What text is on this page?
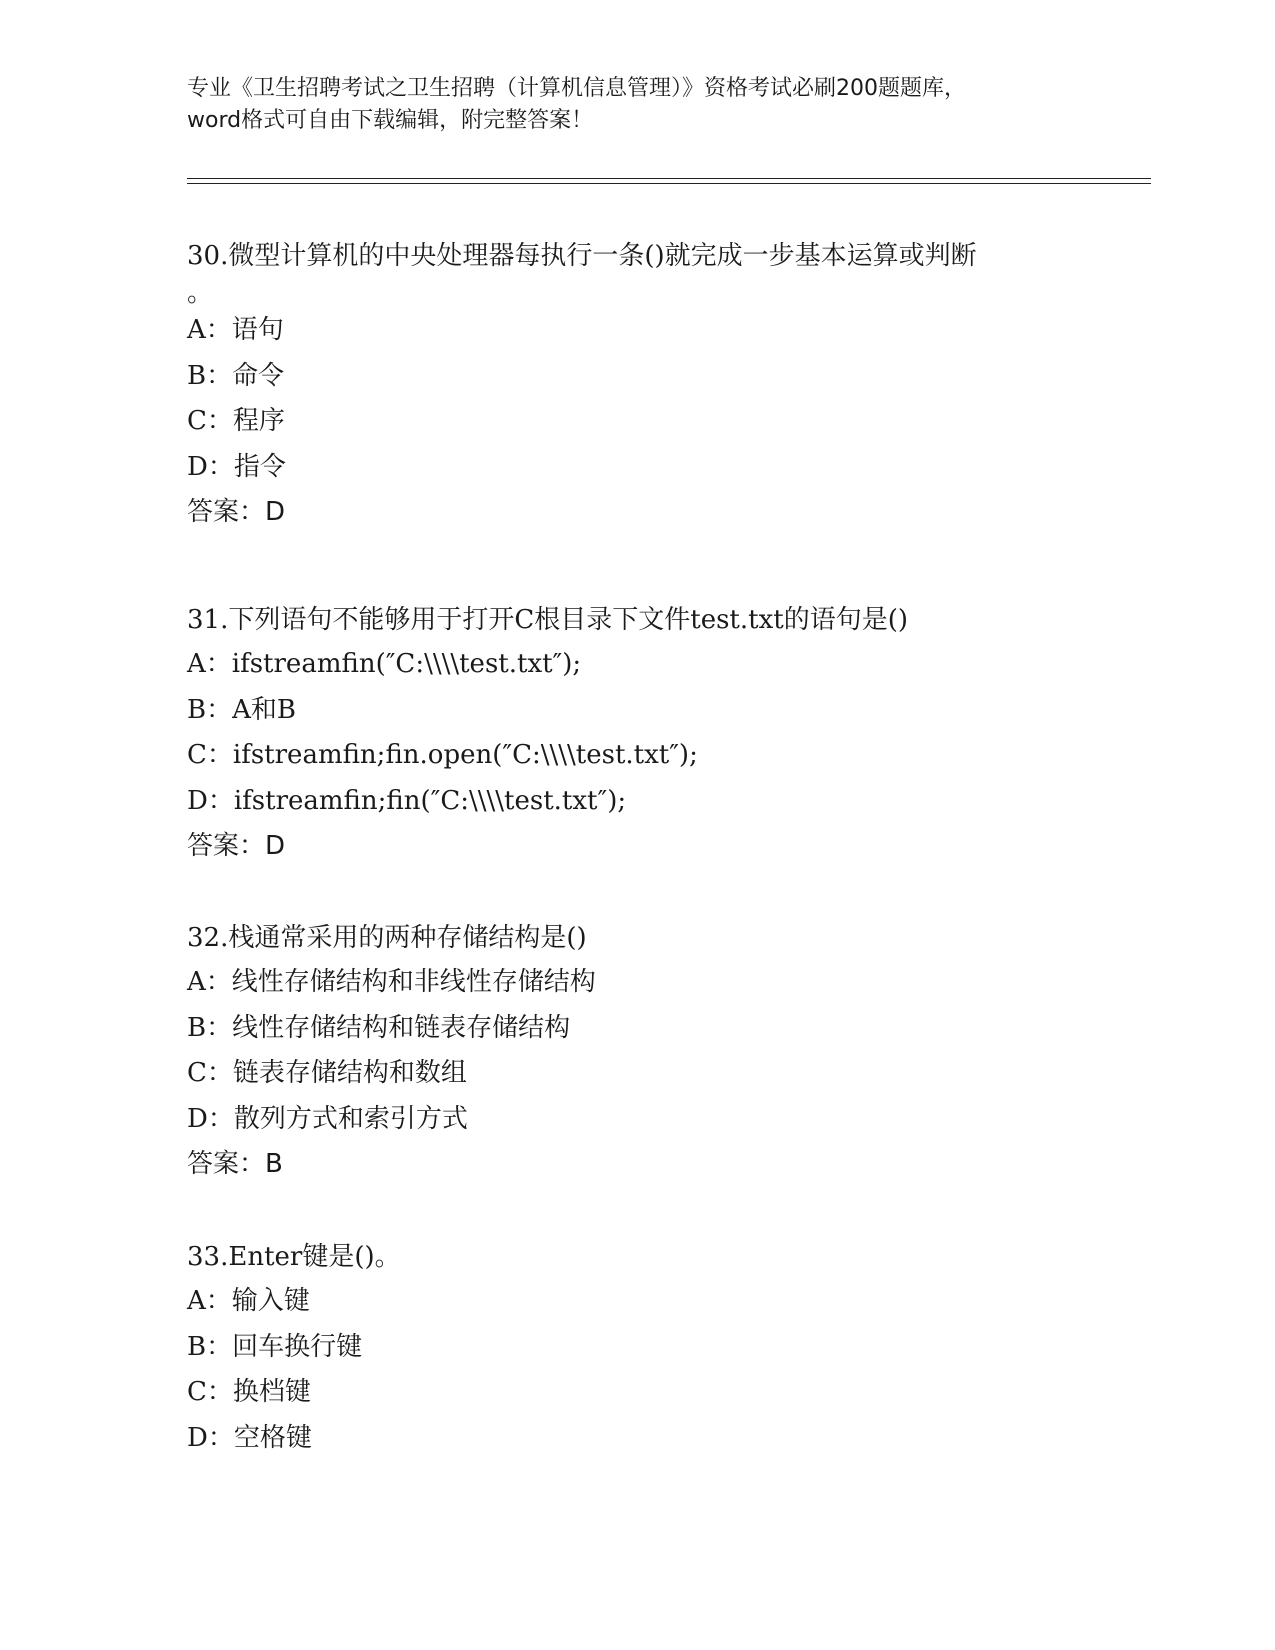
专业《卫生招聘考试之卫生招聘（计算机信息管理）》资格考试必刷200题题库，
word格式可自由下载编辑，附完整答案！
30.微型计算机的中央处理器每执行一条()就完成一步基本运算或判断
。
A：语句
B：命令
C：程序
D：指令
答案：D
31.下列语句不能够用于打开C根目录下文件test.txt的语句是()
A：ifstreamfin(″C:\\\\test.txt″);
B：A和B
C：ifstreamfin;fin.open(″C:\\\\test.txt″);
D：ifstreamfin;fin(″C:\\\\test.txt″);
答案：D
32.栈通常采用的两种存储结构是()
A：线性存储结构和非线性存储结构
B：线性存储结构和链表存储结构
C：链表存储结构和数组
D：散列方式和索引方式
答案：B
33.Enter键是()。
A：输入键
B：回车换行键
C：换档键
D：空格键
